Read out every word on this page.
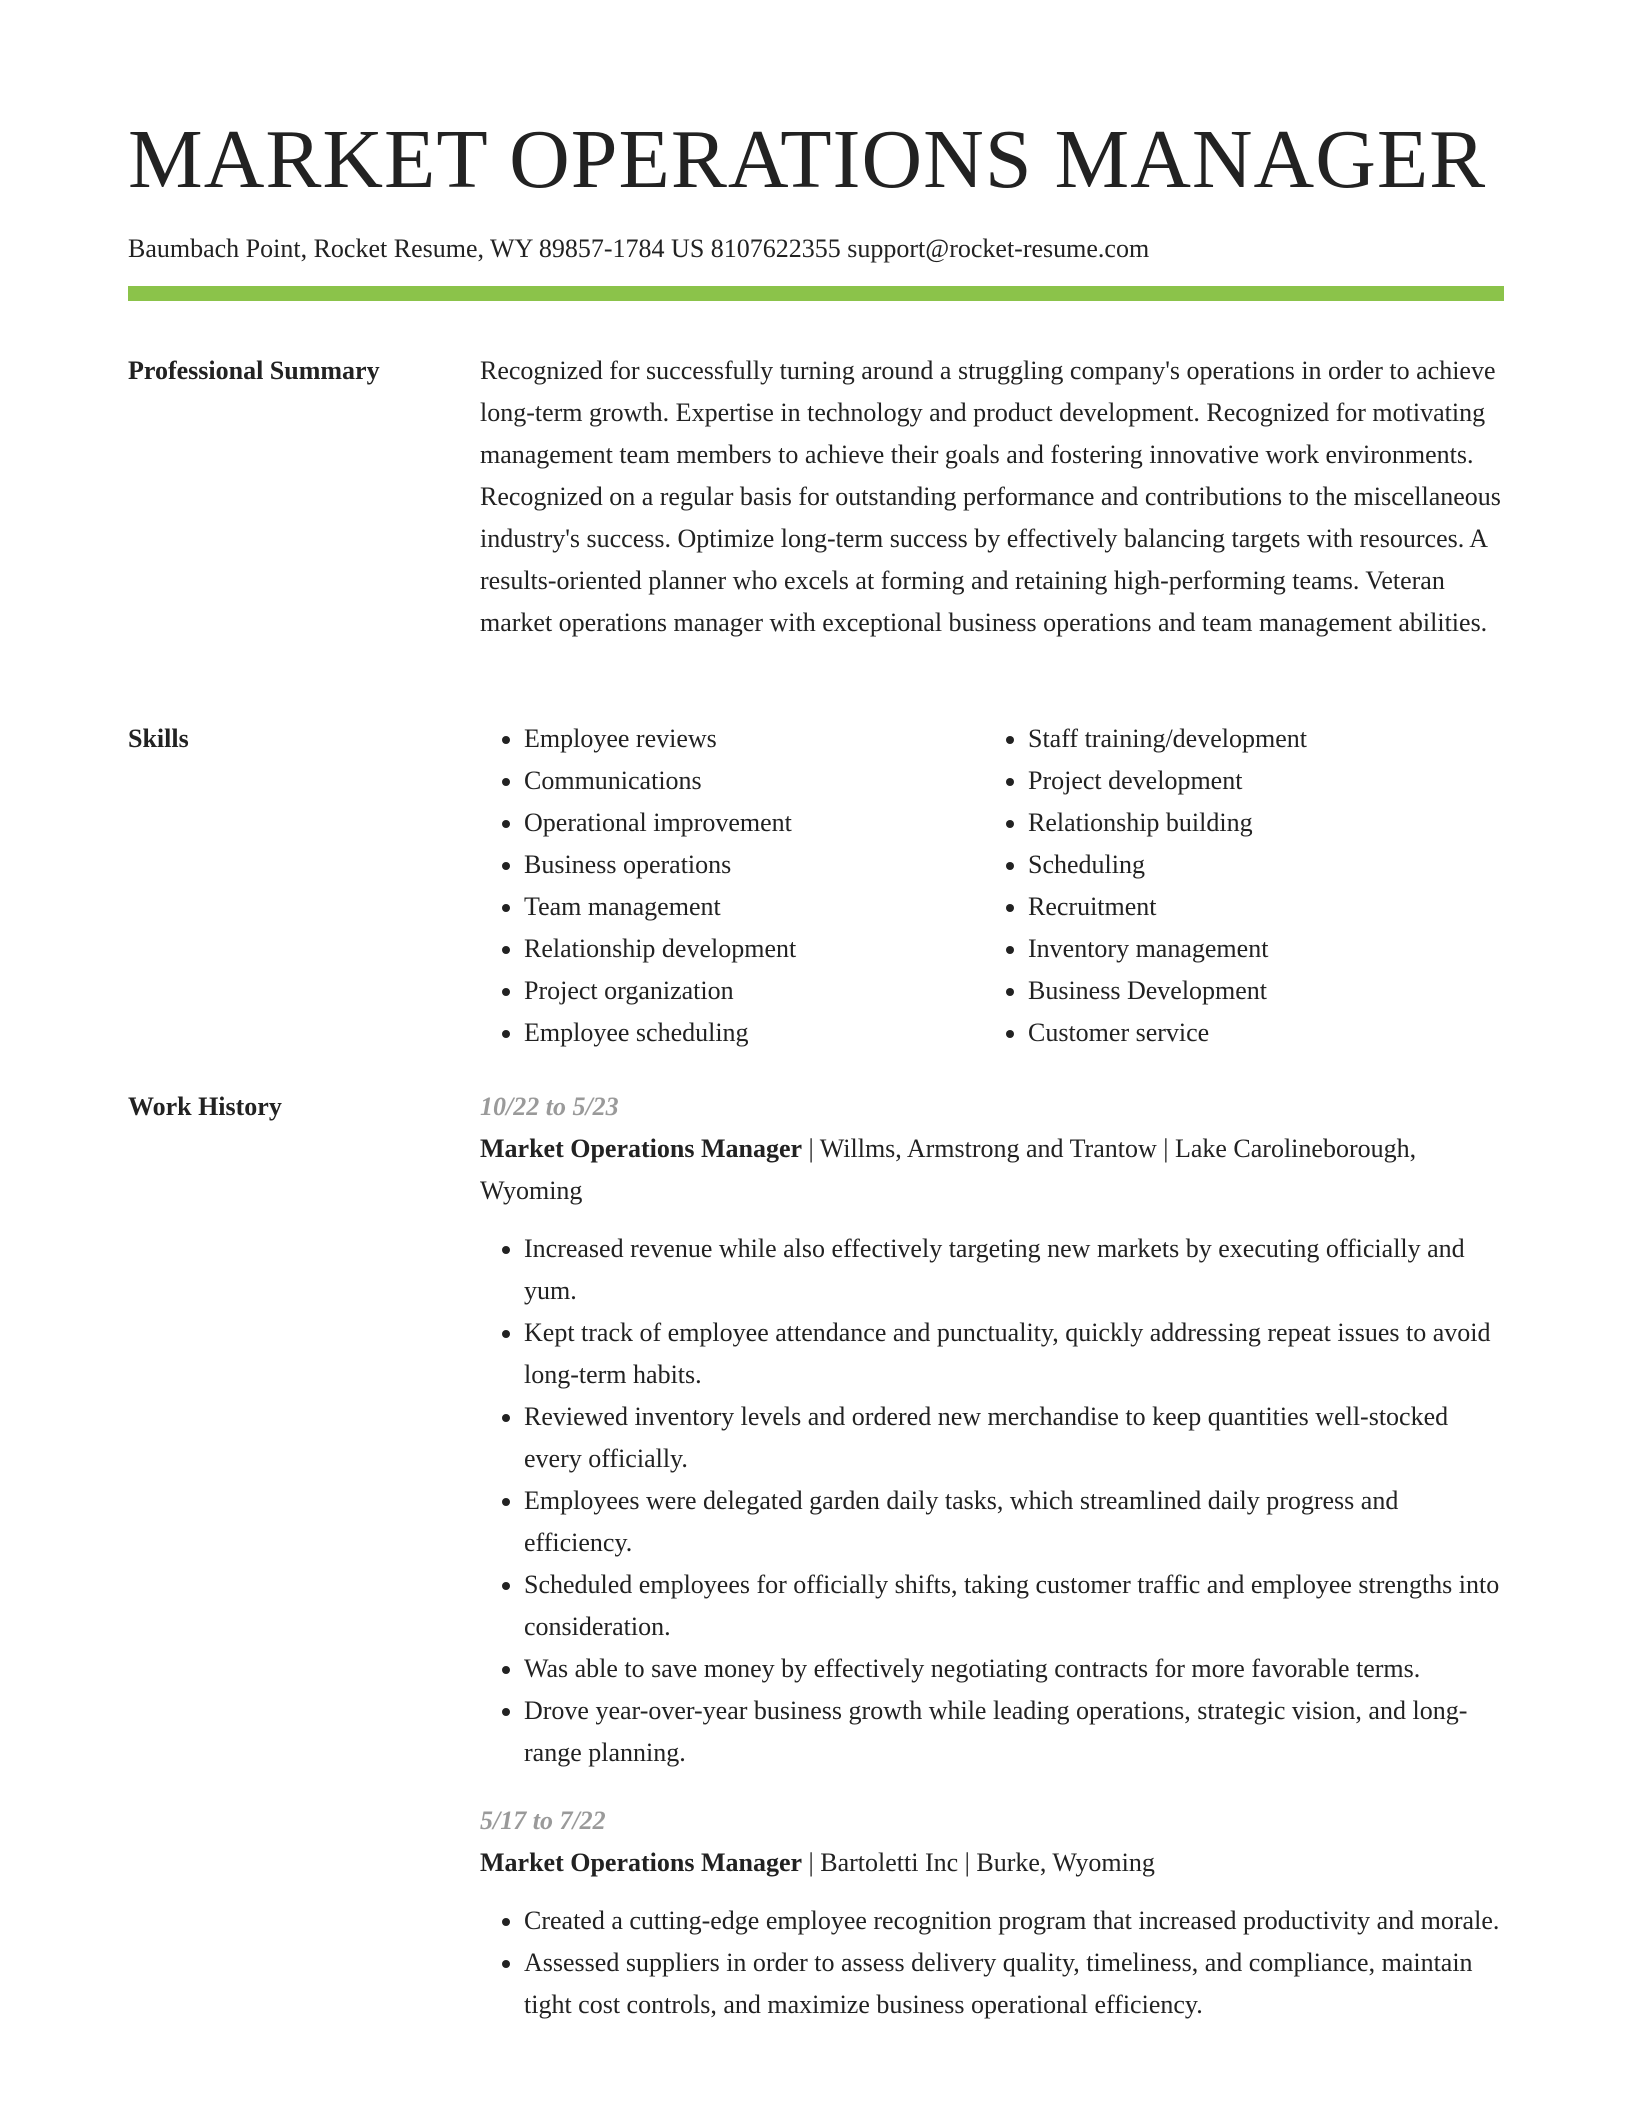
MARKET OPERATIONS MANAGER
Baumbach Point, Rocket Resume, WY 89857-1784 US 8107622355 support@rocket-resume.com
Professional Summary	Recognized for successfully turning around a struggling company's operations in order to achieve long-term growth. Expertise in technology and product development. Recognized for motivating management team members to achieve their goals and fostering innovative work environments. Recognized on a regular basis for outstanding performance and contributions to the miscellaneous industry's success. Optimize long-term success by effectively balancing targets with resources. A results-oriented planner who excels at forming and retaining high-performing teams. Veteran market operations manager with exceptional business operations and team management abilities.

Skills
•	Employee reviews
• Communications
• Operational improvement
• Business operations
• Team management
• Relationship development
• Project organization
• Employee scheduling
• Staff training/development
• Project development
• Relationship building
• Scheduling
• Recruitment
• Inventory management
• Business Development
• Customer service
Work History	10/22 to 5/23
Market Operations Manager | Willms, Armstrong and Trantow | Lake Carolineborough, Wyoming
• Increased revenue while also effectively targeting new markets by executing officially and yum.
• Kept track of employee attendance and punctuality, quickly addressing repeat issues to avoid long-term habits.
• Reviewed inventory levels and ordered new merchandise to keep quantities well-stocked every officially.
• Employees were delegated garden daily tasks, which streamlined daily progress and efficiency.
• Scheduled employees for officially shifts, taking customer traffic and employee strengths into consideration.
• Was able to save money by effectively negotiating contracts for more favorable terms.
• Drove year-over-year business growth while leading operations, strategic vision, and long-range planning.
5/17 to 7/22
Market Operations Manager | Bartoletti Inc | Burke, Wyoming
• Created a cutting-edge employee recognition program that increased productivity and morale.
• Assessed suppliers in order to assess delivery quality, timeliness, and compliance, maintain tight cost controls, and maximize business operational efficiency.
